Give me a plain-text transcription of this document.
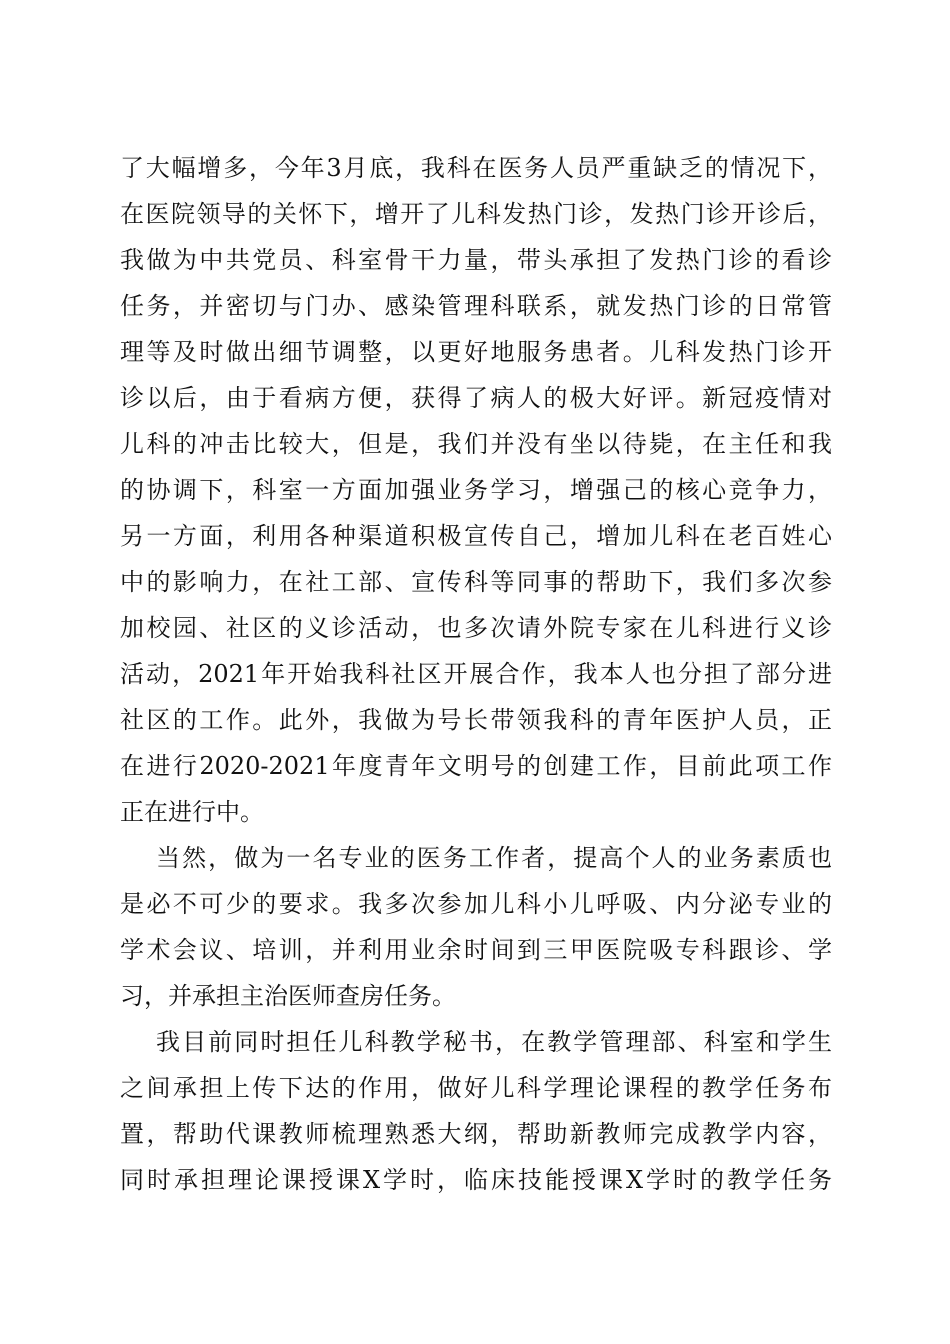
了大幅增多，今年3月底，我科在医务人员严重缺乏的情况下，

在医院领导的关怀下，增开了儿科发热门诊，发热门诊开诊后，

我做为中共党员、科室骨干力量，带头承担了发热门诊的看诊

任务，并密切与门办、感染管理科联系，就发热门诊的日常管

理等及时做出细节调整，以更好地服务患者。儿科发热门诊开

诊以后，由于看病方便，获得了病人的极大好评。新冠疫情对

儿科的冲击比较大，但是，我们并没有坐以待毙，在主任和我

的协调下，科室一方面加强业务学习，增强己的核心竞争力，

另一方面，利用各种渠道积极宣传自己，增加儿科在老百姓心

中的影响力，在社工部、宣传科等同事的帮助下，我们多次参

加校园、社区的义诊活动，也多次请外院专家在儿科进行义诊

活动，2021年开始我科社区开展合作，我本人也分担了部分进

社区的工作。此外，我做为号长带领我科的青年医护人员，正

在进行2020-2021年度青年文明号的创建工作，目前此项工作

正在进行中。

当然，做为一名专业的医务工作者，提高个人的业务素质也

是必不可少的要求。我多次参加儿科小儿呼吸、内分泌专业的

学术会议、培训，并利用业余时间到三甲医院吸专科跟诊、学

习，并承担主治医师查房任务。

我目前同时担任儿科教学秘书，在教学管理部、科室和学生

之间承担上传下达的作用，做好儿科学理论课程的教学任务布

置，帮助代课教师梳理熟悉大纲，帮助新教师完成教学内容，

同时承担理论课授课X学时，临床技能授课X学时的教学任务
